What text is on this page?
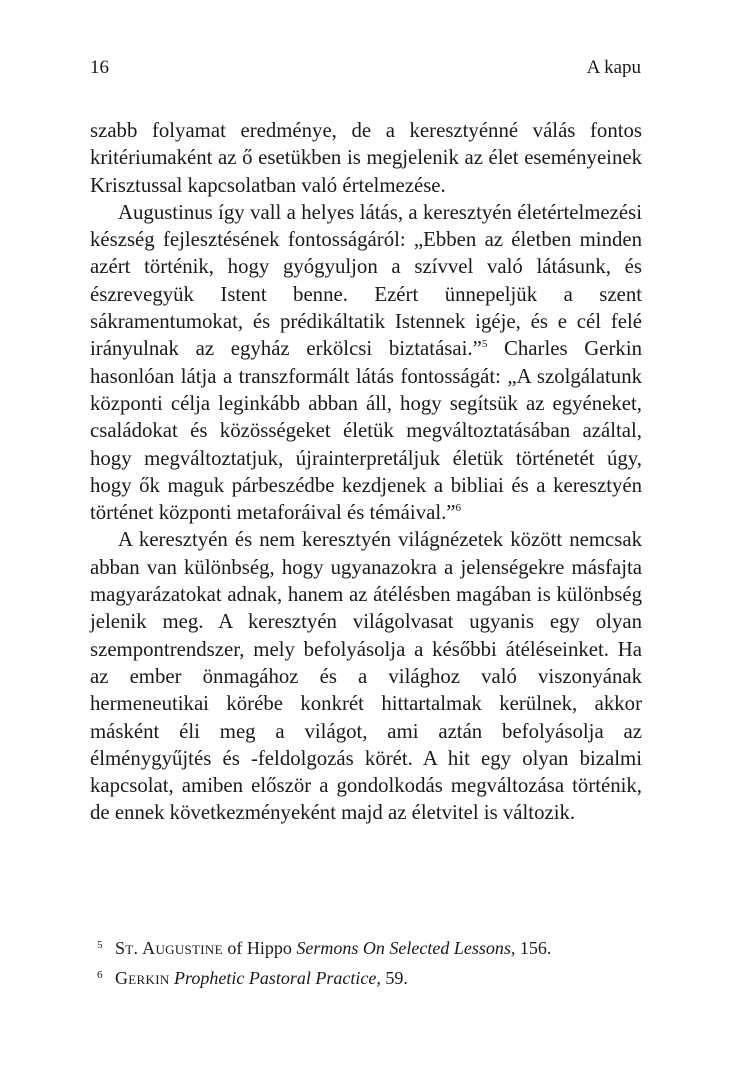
16	A kapu

szabb folyamat eredménye, de a keresztyénné válás fontos kritériumaként az ő esetükben is megjelenik az élet eseményeinek Krisztussal kapcsolatban való értelmezése.

Augustinus így vall a helyes látás, a keresztyén életértelmezési készség fejlesztésének fontosságáról: „Ebben az életben minden azért történik, hogy gyógyuljon a szívvel való látásunk, és észrevegyük Istent benne. Ezért ünnepeljük a szent sákramentumokat, és prédikáltatik Istennek igéje, és e cél felé irányulnak az egyház erkölcsi biztatásai.”$^5$ Charles Gerkin hasonlóan látja a transzformált látás fontosságát: „A szolgálatunk központi célja leginkább abban áll, hogy segítsük az egyéneket, családokat és közösségeket életük megváltoztatásában azáltal, hogy megváltoztatjuk, újrainterpretáljuk életük történetét úgy, hogy ők maguk párbeszédbe kezdjenek a bibliai és a keresztyén történet központi metaforáival és témáival.”$^6$

A keresztyén és nem keresztyén világnézetek között nemcsak abban van különbség, hogy ugyanazokra a jelenségekre másfajta magyarázatokat adnak, hanem az átélésben magában is különbség jelenik meg. A keresztyén világolvasat ugyanis egy olyan szempontrendszer, mely befolyásolja a későbbi átéléseinket. Ha az ember önmagához és a világhoz való viszonyának hermeneutikai körébe konkrét hittartalmak kerülnek, akkor másként éli meg a világot, ami aztán befolyásolja az élménygyűjtés és -feldolgozás körét. A hit egy olyan bizalmi kapcsolat, amiben először a gondolkodás megváltozása történik, de ennek következményeként majd az életvitel is változik.

5 St. Augustine of Hippo Sermons On Selected Lessons, 156.
6 Gerkin Prophetic Pastoral Practice, 59.
